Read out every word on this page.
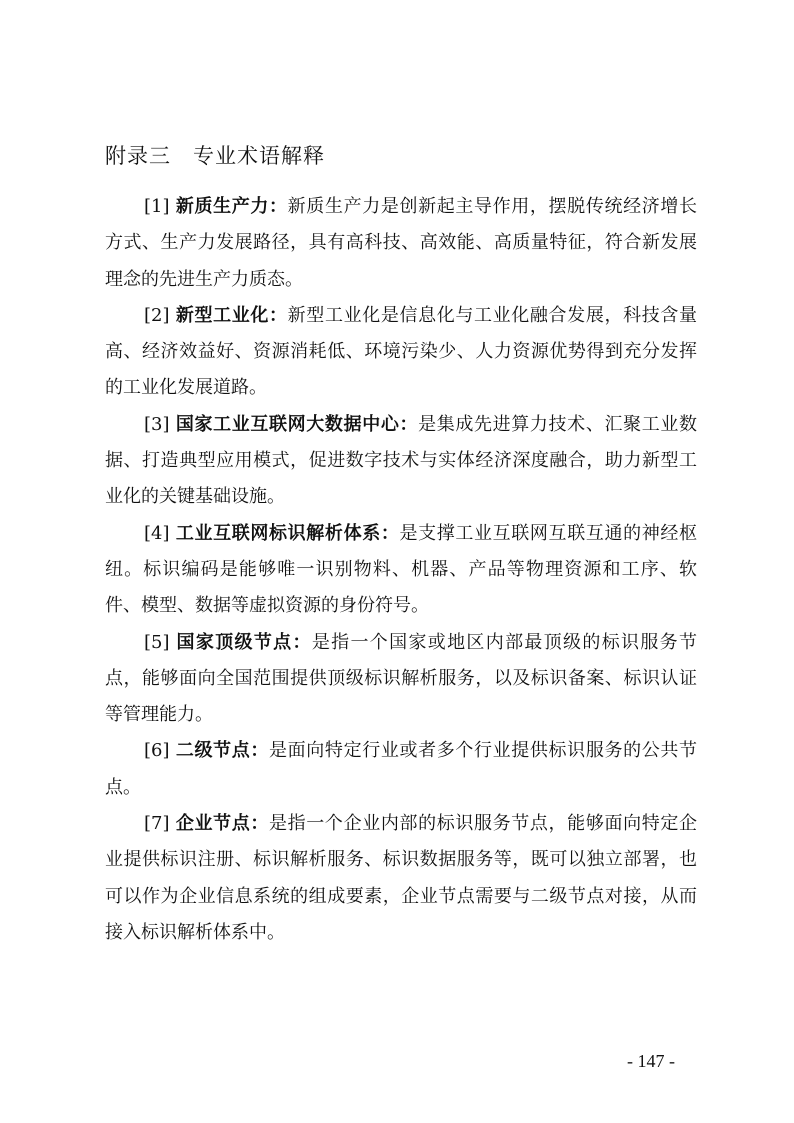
附录三　专业术语解释
[1] 新质生产力：新质生产力是创新起主导作用，摆脱传统经济增长方式、生产力发展路径，具有高科技、高效能、高质量特征，符合新发展理念的先进生产力质态。
[2] 新型工业化：新型工业化是信息化与工业化融合发展，科技含量高、经济效益好、资源消耗低、环境污染少、人力资源优势得到充分发挥的工业化发展道路。
[3] 国家工业互联网大数据中心：是集成先进算力技术、汇聚工业数据、打造典型应用模式，促进数字技术与实体经济深度融合，助力新型工业化的关键基础设施。
[4] 工业互联网标识解析体系：是支撑工业互联网互联互通的神经枢纽。标识编码是能够唯一识别物料、机器、产品等物理资源和工序、软件、模型、数据等虚拟资源的身份符号。
[5] 国家顶级节点：是指一个国家或地区内部最顶级的标识服务节点，能够面向全国范围提供顶级标识解析服务，以及标识备案、标识认证等管理能力。
[6] 二级节点：是面向特定行业或者多个行业提供标识服务的公共节点。
[7] 企业节点：是指一个企业内部的标识服务节点，能够面向特定企业提供标识注册、标识解析服务、标识数据服务等，既可以独立部署，也可以作为企业信息系统的组成要素，企业节点需要与二级节点对接，从而接入标识解析体系中。
- 147 -
